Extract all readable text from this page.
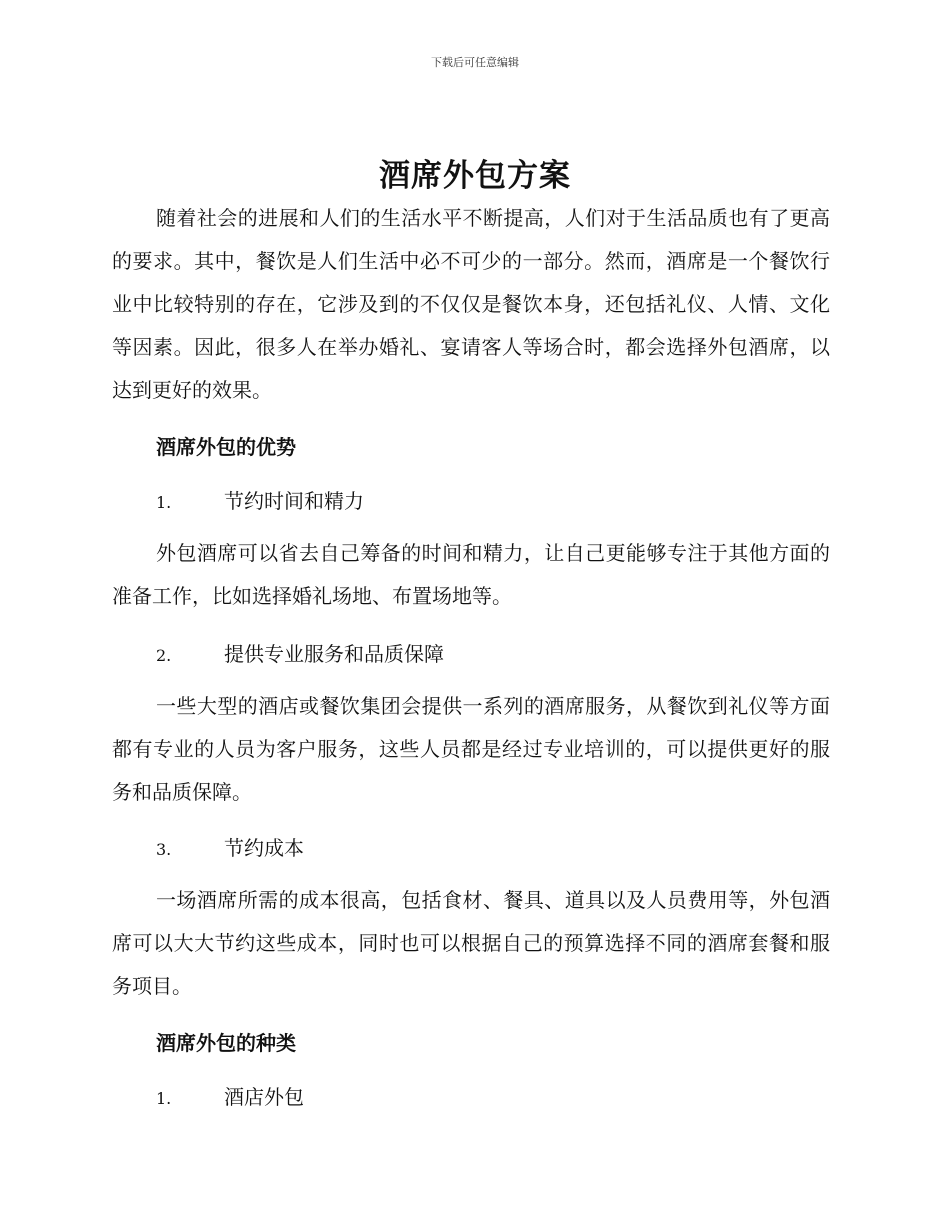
下载后可任意编辑
酒席外包方案

随着社会的进展和人们的生活水平不断提高，人们对于生活品质也有了更高的要求。其中，餐饮是人们生活中必不可少的一部分。然而，酒席是一个餐饮行业中比较特别的存在，它涉及到的不仅仅是餐饮本身，还包括礼仪、人情、文化等因素。因此，很多人在举办婚礼、宴请客人等场合时，都会选择外包酒席，以达到更好的效果。

酒席外包的优势

1.	节约时间和精力

外包酒席可以省去自己筹备的时间和精力，让自己更能够专注于其他方面的准备工作，比如选择婚礼场地、布置场地等。

2.	提供专业服务和品质保障

一些大型的酒店或餐饮集团会提供一系列的酒席服务，从餐饮到礼仪等方面都有专业的人员为客户服务，这些人员都是经过专业培训的，可以提供更好的服务和品质保障。

3.	节约成本

一场酒席所需的成本很高，包括食材、餐具、道具以及人员费用等，外包酒席可以大大节约这些成本，同时也可以根据自己的预算选择不同的酒席套餐和服务项目。

酒席外包的种类

1.	酒店外包
